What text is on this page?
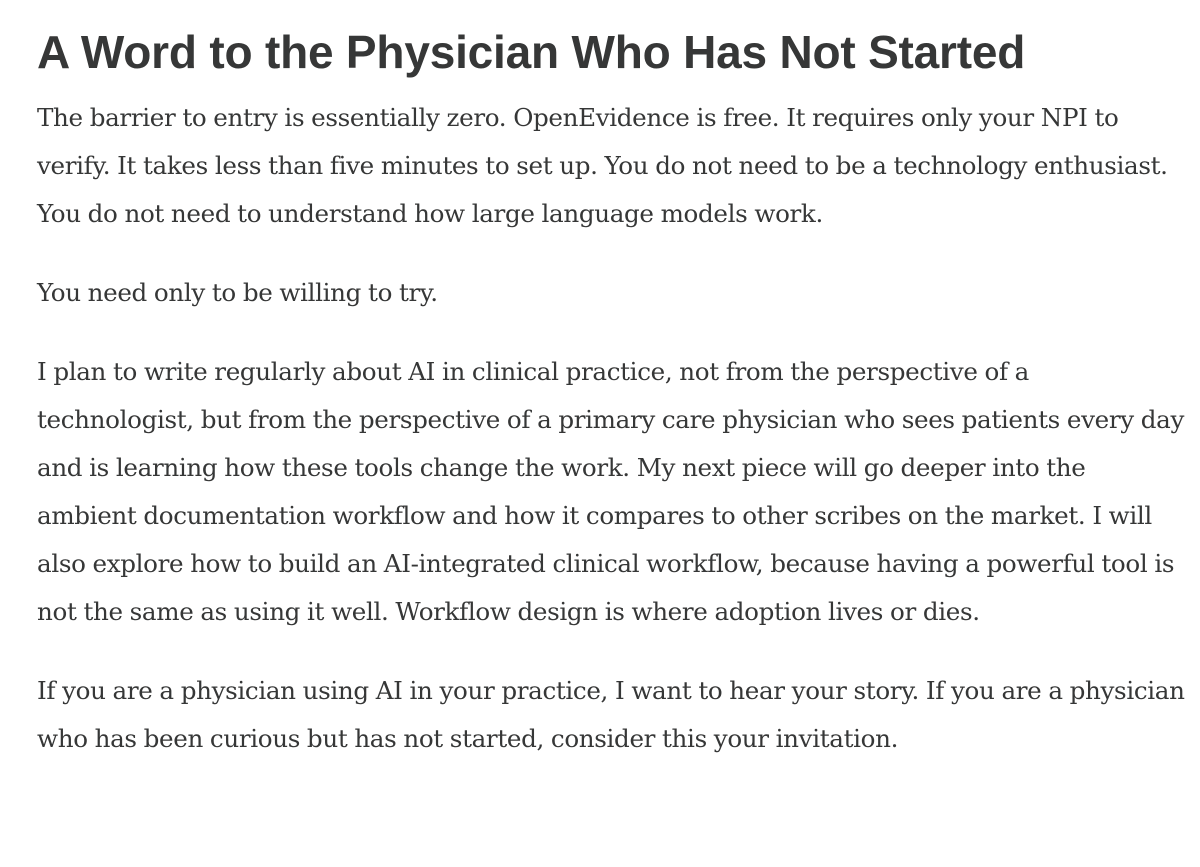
A Word to the Physician Who Has Not Started

The barrier to entry is essentially zero. OpenEvidence is free. It requires only your NPI to verify. It takes less than five minutes to set up. You do not need to be a technology enthusiast. You do not need to understand how large language models work.

You need only to be willing to try.

I plan to write regularly about AI in clinical practice, not from the perspective of a technologist, but from the perspective of a primary care physician who sees patients every day and is learning how these tools change the work. My next piece will go deeper into the ambient documentation workflow and how it compares to other scribes on the market. I will also explore how to build an AI-integrated clinical workflow, because having a powerful tool is not the same as using it well. Workflow design is where adoption lives or dies.

If you are a physician using AI in your practice, I want to hear your story. If you are a physician who has been curious but has not started, consider this your invitation.
